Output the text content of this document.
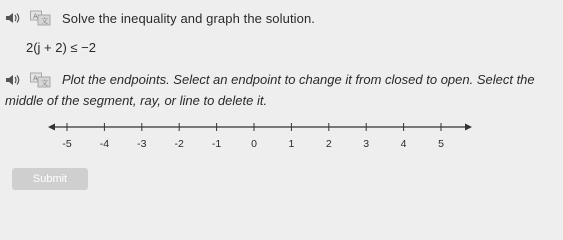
A
文 Solve the inequality and graph the solution.
2(j + 2) ≤ −2
A
文 Plot the endpoints. Select an endpoint to change it from closed to open. Select the
middle of the segment, ray, or line to delete it.
-5	-4	-3	-2	-1	0	1	2	3	4	5
Submit
